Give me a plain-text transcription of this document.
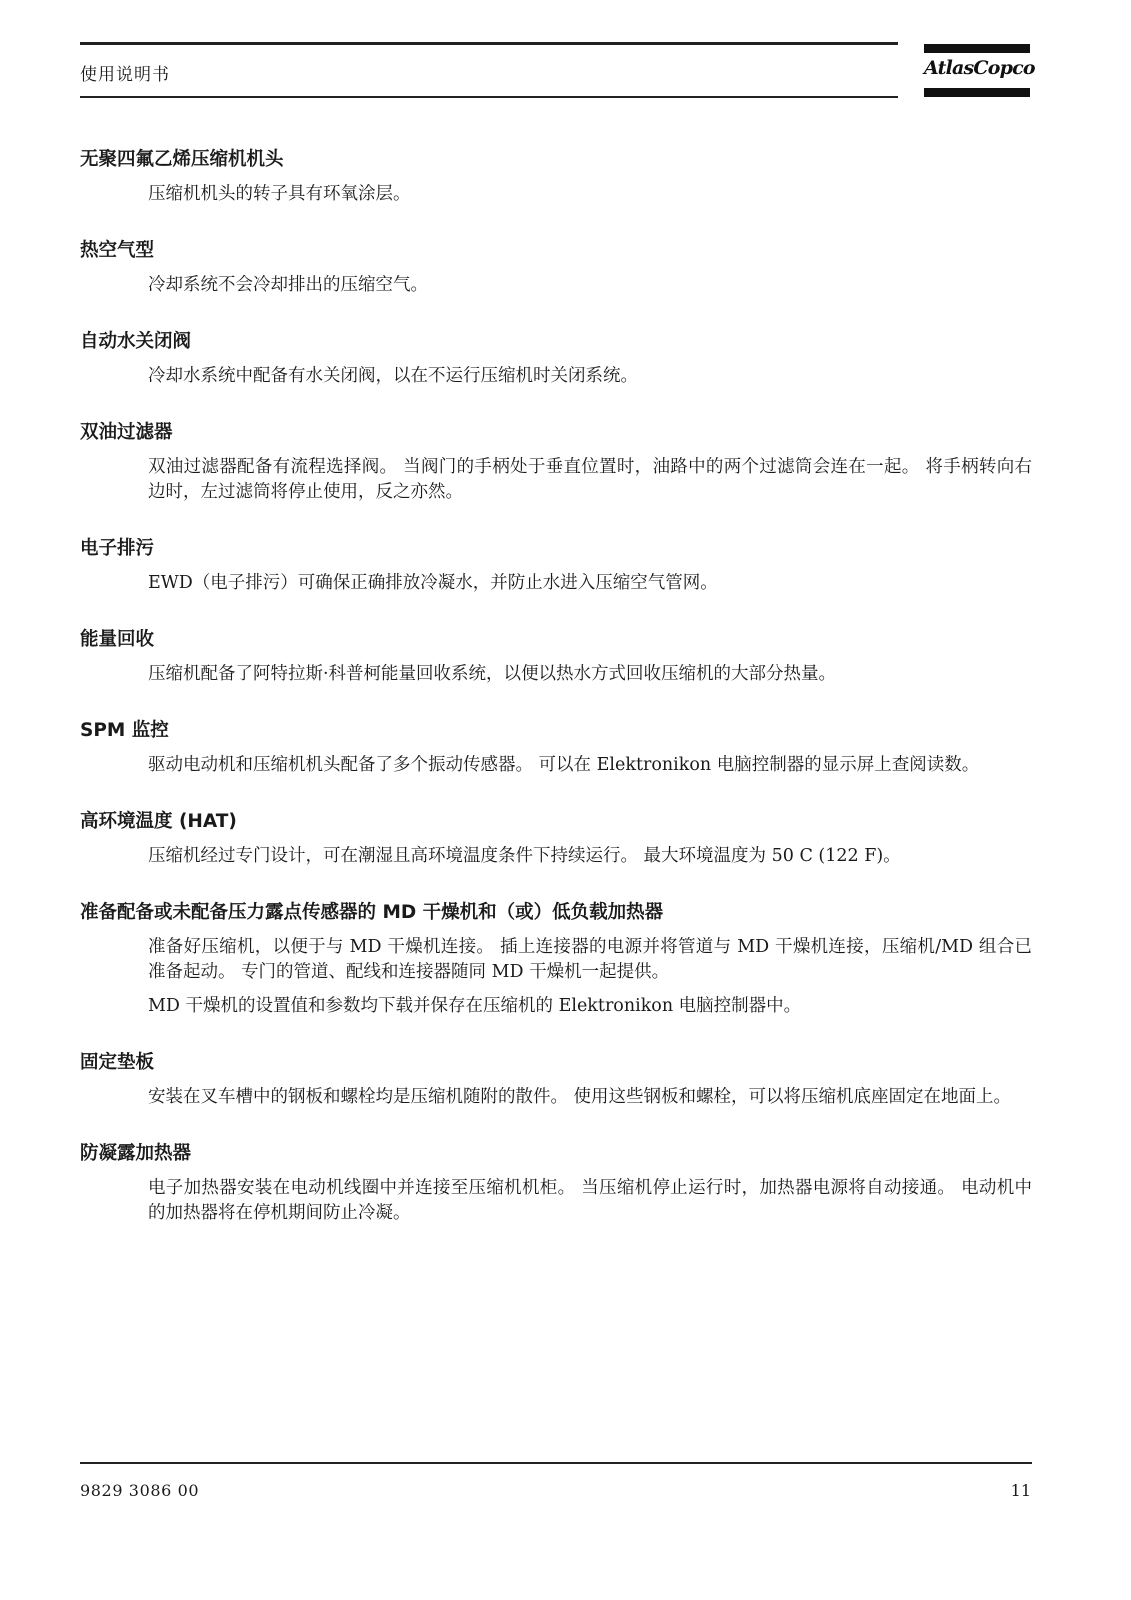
使用说明书	AtlasCopco
无聚四氟乙烯压缩机机头
压缩机机头的转子具有环氧涂层。
热空气型
冷却系统不会冷却排出的压缩空气。
自动水关闭阀
冷却水系统中配备有水关闭阀，以在不运行压缩机时关闭系统。
双油过滤器
双油过滤器配备有流程选择阀。 当阀门的手柄处于垂直位置时，油路中的两个过滤筒会连在一起。 将手柄转向右边时，左过滤筒将停止使用，反之亦然。
电子排污
EWD（电子排污）可确保正确排放冷凝水，并防止水进入压缩空气管网。
能量回收
压缩机配备了阿特拉斯·科普柯能量回收系统，以便以热水方式回收压缩机的大部分热量。
SPM 监控
驱动电动机和压缩机机头配备了多个振动传感器。 可以在 Elektronikon 电脑控制器的显示屏上查阅读数。
高环境温度 (HAT)
压缩机经过专门设计，可在潮湿且高环境温度条件下持续运行。 最大环境温度为 50 C (122 F)。
准备配备或未配备压力露点传感器的 MD 干燥机和（或）低负载加热器
准备好压缩机，以便于与 MD 干燥机连接。 插上连接器的电源并将管道与 MD 干燥机连接，压缩机/MD 组合已准备起动。 专门的管道、配线和连接器随同 MD 干燥机一起提供。
MD 干燥机的设置值和参数均下载并保存在压缩机的 Elektronikon 电脑控制器中。
固定垫板
安装在叉车槽中的钢板和螺栓均是压缩机随附的散件。 使用这些钢板和螺栓，可以将压缩机底座固定在地面上。
防凝露加热器
电子加热器安装在电动机线圈中并连接至压缩机机柜。 当压缩机停止运行时，加热器电源将自动接通。 电动机中的加热器将在停机期间防止冷凝。
9829 3086 00	11
